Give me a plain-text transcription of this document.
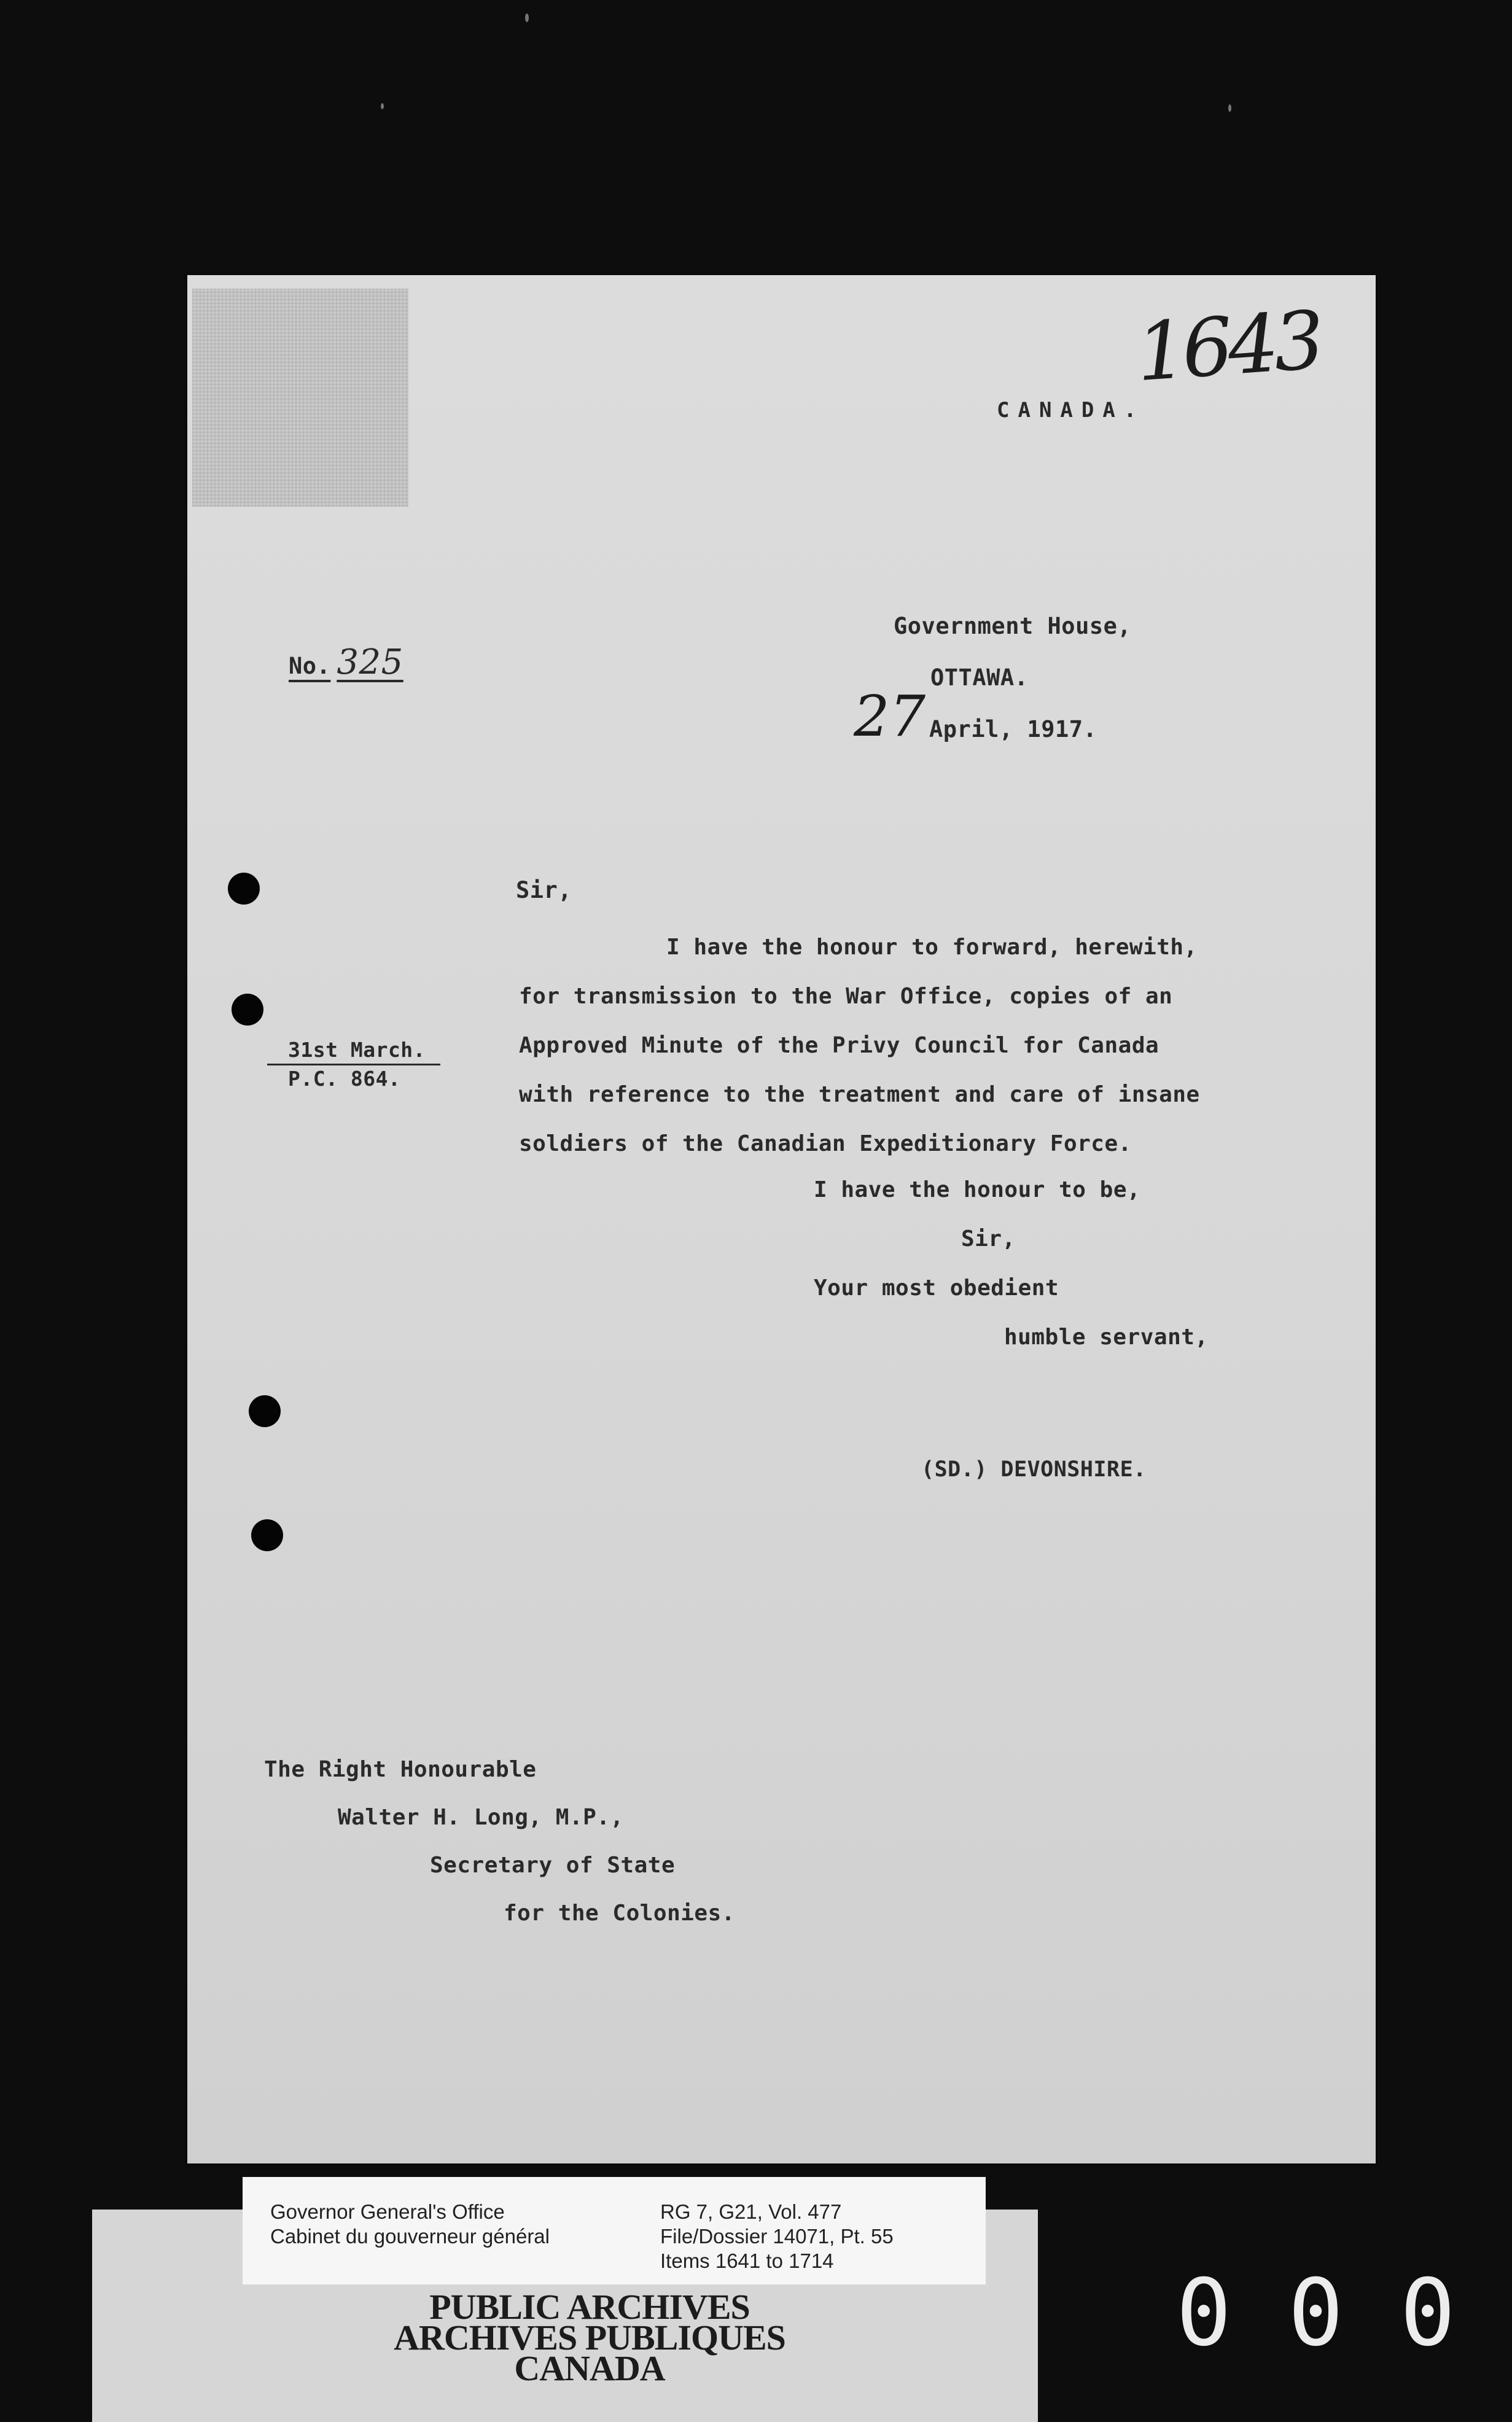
1643
CANADA.
Government House,
OTTAWA.
April, 1917.
27
No. 325
31st March.
P.C. 864.
Sir,
I have the honour to forward, herewith,
for transmission to the War Office, copies of an
Approved Minute of the Privy Council for Canada
with reference to the treatment and care of insane
soldiers of the Canadian Expeditionary Force.
I have the honour to be,
Sir,
Your most obedient
humble servant,
(SD.) DEVONSHIRE.
The Right Honourable
Walter H. Long, M.P.,
Secretary of State
for the Colonies.
Governor General's Office
Cabinet du gouverneur général
RG 7, G21, Vol. 477
File/Dossier 14071, Pt. 55
Items 1641 to 1714
PUBLIC ARCHIVES
ARCHIVES PUBLIQUES
CANADA
000
